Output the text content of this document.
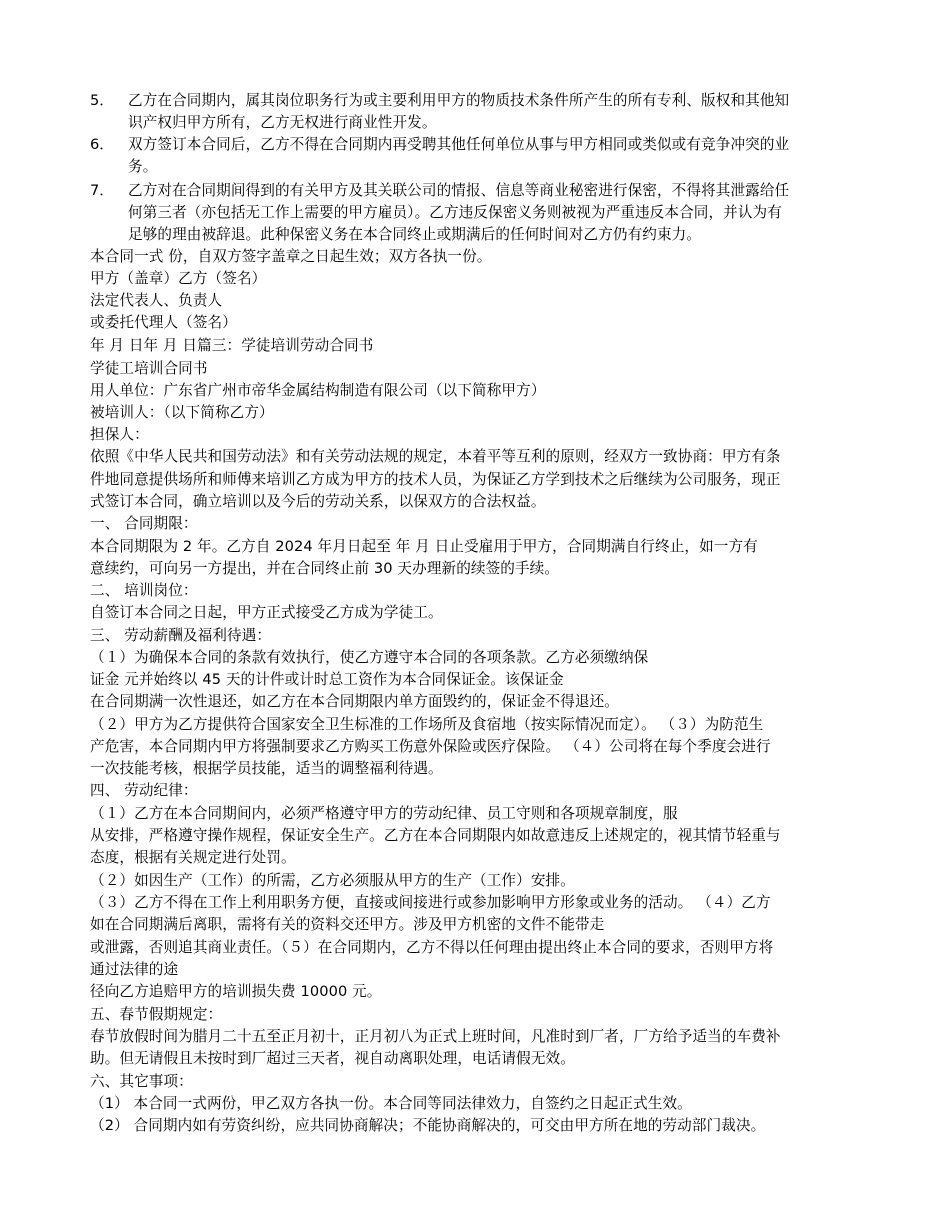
5． 乙方在合同期内，属其岗位职务行为或主要利用甲方的物质技术条件所产生的所有专利、版权和其他知
识产权归甲方所有，乙方无权进行商业性开发。
6． 双方签订本合同后，乙方不得在合同期内再受聘其他任何单位从事与甲方相同或类似或有竞争冲突的业
务。
7． 乙方对在合同期间得到的有关甲方及其关联公司的情报、信息等商业秘密进行保密，不得将其泄露给任
何第三者（亦包括无工作上需要的甲方雇员）。乙方违反保密义务则被视为严重违反本合同，并认为有
足够的理由被辞退。此种保密义务在本合同终止或期满后的任何时间对乙方仍有约束力。
本合同一式 份，自双方签字盖章之日起生效；双方各执一份。
甲方（盖章）乙方（签名）
法定代表人、负责人
或委托代理人（签名）
年 月 日年 月 日篇三：学徒培训劳动合同书
学徒工培训合同书
用人单位：广东省广州市帝华金属结构制造有限公司（以下简称甲方）
被培训人：（以下简称乙方）
担保人：
依照《中华人民共和国劳动法》和有关劳动法规的规定，本着平等互利的原则，经双方一致协商：甲方有条
件地同意提供场所和师傅来培训乙方成为甲方的技术人员，为保证乙方学到技术之后继续为公司服务，现正
式签订本合同，确立培训以及今后的劳动关系，以保双方的合法权益。
一、 合同期限：
本合同期限为 2 年。乙方自 2024 年月日起至 年 月 日止受雇用于甲方，合同期满自行终止，如一方有
意续约，可向另一方提出，并在合同终止前 30 天办理新的续签的手续。
二、 培训岗位：
自签订本合同之日起，甲方正式接受乙方成为学徒工。
三、 劳动薪酬及福利待遇：
（１）为确保本合同的条款有效执行，使乙方遵守本合同的各项条款。乙方必须缴纳保
证金 元并始终以 45 天的计件或计时总工资作为本合同保证金。该保证金
在合同期满一次性退还，如乙方在本合同期限内单方面毁约的，保证金不得退还。
（２）甲方为乙方提供符合国家安全卫生标准的工作场所及食宿地（按实际情况而定）。 （３）为防范生
产危害，本合同期内甲方将强制要求乙方购买工伤意外保险或医疗保险。 （４）公司将在每个季度会进行
一次技能考核，根据学员技能，适当的调整福利待遇。
四、 劳动纪律：
（１）乙方在本合同期间内，必须严格遵守甲方的劳动纪律、员工守则和各项规章制度，服
从安排，严格遵守操作规程，保证安全生产。乙方在本合同期限内如故意违反上述规定的，视其情节轻重与
态度，根据有关规定进行处罚。
（２）如因生产（工作）的所需，乙方必须服从甲方的生产（工作）安排。
（３）乙方不得在工作上利用职务方便，直接或间接进行或参加影响甲方形象或业务的活动。 （４）乙方
如在合同期满后离职，需将有关的资料交还甲方。涉及甲方机密的文件不能带走
或泄露，否则追其商业责任。（５）在合同期内，乙方不得以任何理由提出终止本合同的要求，否则甲方将
通过法律的途
径向乙方追赔甲方的培训损失费 10000 元。
五、春节假期规定：
春节放假时间为腊月二十五至正月初十，正月初八为正式上班时间，凡准时到厂者，厂方给予适当的车费补
助。但无请假且未按时到厂超过三天者，视自动离职处理，电话请假无效。
六、其它事项：
（1） 本合同一式两份，甲乙双方各执一份。本合同等同法律效力，自签约之日起正式生效。
（2） 合同期内如有劳资纠纷，应共同协商解决；不能协商解决的，可交由甲方所在地的劳动部门裁决。
